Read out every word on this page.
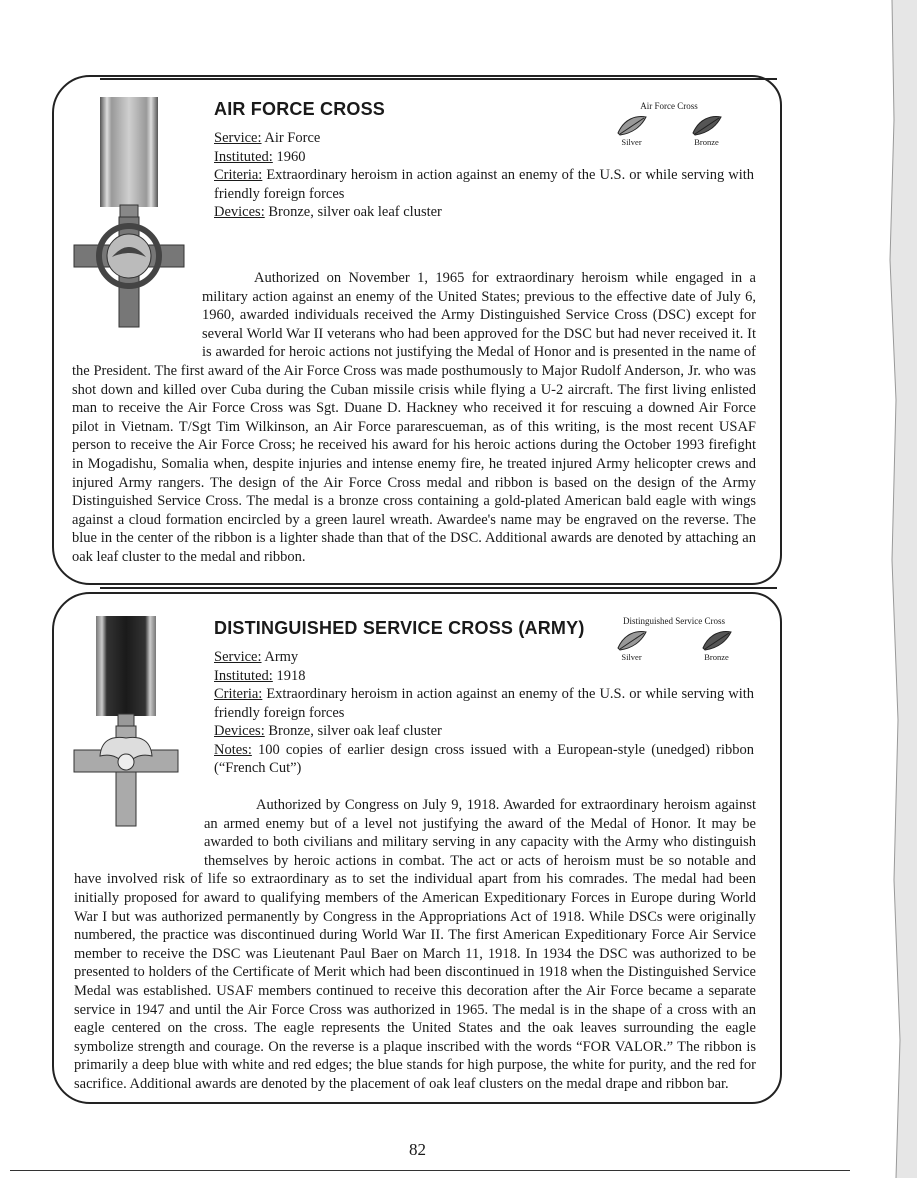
AIR FORCE CROSS	Air Force Cross
Silver	Bronze
Service: Air Force
Instituted: 1960
Criteria: Extraordinary heroism in action against an enemy of the U.S. or while serving with friendly foreign forces
Devices: Bronze, silver oak leaf cluster
Authorized on November 1, 1965 for extraordinary heroism while engaged in a military action against an enemy of the United States; previous to the effective date of July 6, 1960, awarded individuals received the Army Distinguished Service Cross (DSC) except for several World War II veterans who had been approved for the DSC but had never received it. It is awarded for heroic actions not justifying the Medal of Honor and is presented in the name of the President. The first award of the Air Force Cross was made posthumously to Major Rudolf Anderson, Jr. who was shot down and killed over Cuba during the Cuban missile crisis while flying a U-2 aircraft. The first living enlisted man to receive the Air Force Cross was Sgt. Duane D. Hackney who received it for rescuing a downed Air Force pilot in Vietnam. T/Sgt Tim Wilkinson, an Air Force pararescueman, as of this writing, is the most recent USAF person to receive the Air Force Cross; he received his award for his heroic actions during the October 1993 firefight in Mogadishu, Somalia when, despite injuries and intense enemy fire, he treated injured Army helicopter crews and injured Army rangers. The design of the Air Force Cross medal and ribbon is based on the design of the Army Distinguished Service Cross. The medal is a bronze cross containing a gold-plated American bald eagle with wings against a cloud formation encircled by a green laurel wreath. Awardee's name may be engraved on the reverse. The blue in the center of the ribbon is a lighter shade than that of the DSC. Additional awards are denoted by attaching an oak leaf cluster to the medal and ribbon.
DISTINGUISHED SERVICE CROSS (ARMY)	Distinguished Service Cross
Silver	Bronze
Service: Army
Instituted: 1918
Criteria: Extraordinary heroism in action against an enemy of the U.S. or while serving with friendly foreign forces
Devices: Bronze, silver oak leaf cluster
Notes: 100 copies of earlier design cross issued with a European-style (unedged) ribbon (“French Cut”)
Authorized by Congress on July 9, 1918. Awarded for extraordinary heroism against an armed enemy but of a level not justifying the award of the Medal of Honor. It may be awarded to both civilians and military serving in any capacity with the Army who distinguish themselves by heroic actions in combat. The act or acts of heroism must be so notable and have involved risk of life so extraordinary as to set the individual apart from his comrades. The medal had been initially proposed for award to qualifying members of the American Expeditionary Forces in Europe during World War I but was authorized permanently by Congress in the Appropriations Act of 1918. While DSCs were originally numbered, the practice was discontinued during World War II. The first American Expeditionary Force Air Service member to receive the DSC was Lieutenant Paul Baer on March 11, 1918. In 1934 the DSC was authorized to be presented to holders of the Certificate of Merit which had been discontinued in 1918 when the Distinguished Service Medal was established. USAF members continued to receive this decoration after the Air Force became a separate service in 1947 and until the Air Force Cross was authorized in 1965. The medal is in the shape of a cross with an eagle centered on the cross. The eagle represents the United States and the oak leaves surrounding the eagle symbolize strength and courage. On the reverse is a plaque inscribed with the words “FOR VALOR.” The ribbon is primarily a deep blue with white and red edges; the blue stands for high purpose, the white for purity, and the red for sacrifice. Additional awards are denoted by the placement of oak leaf clusters on the medal drape and ribbon bar.
82
